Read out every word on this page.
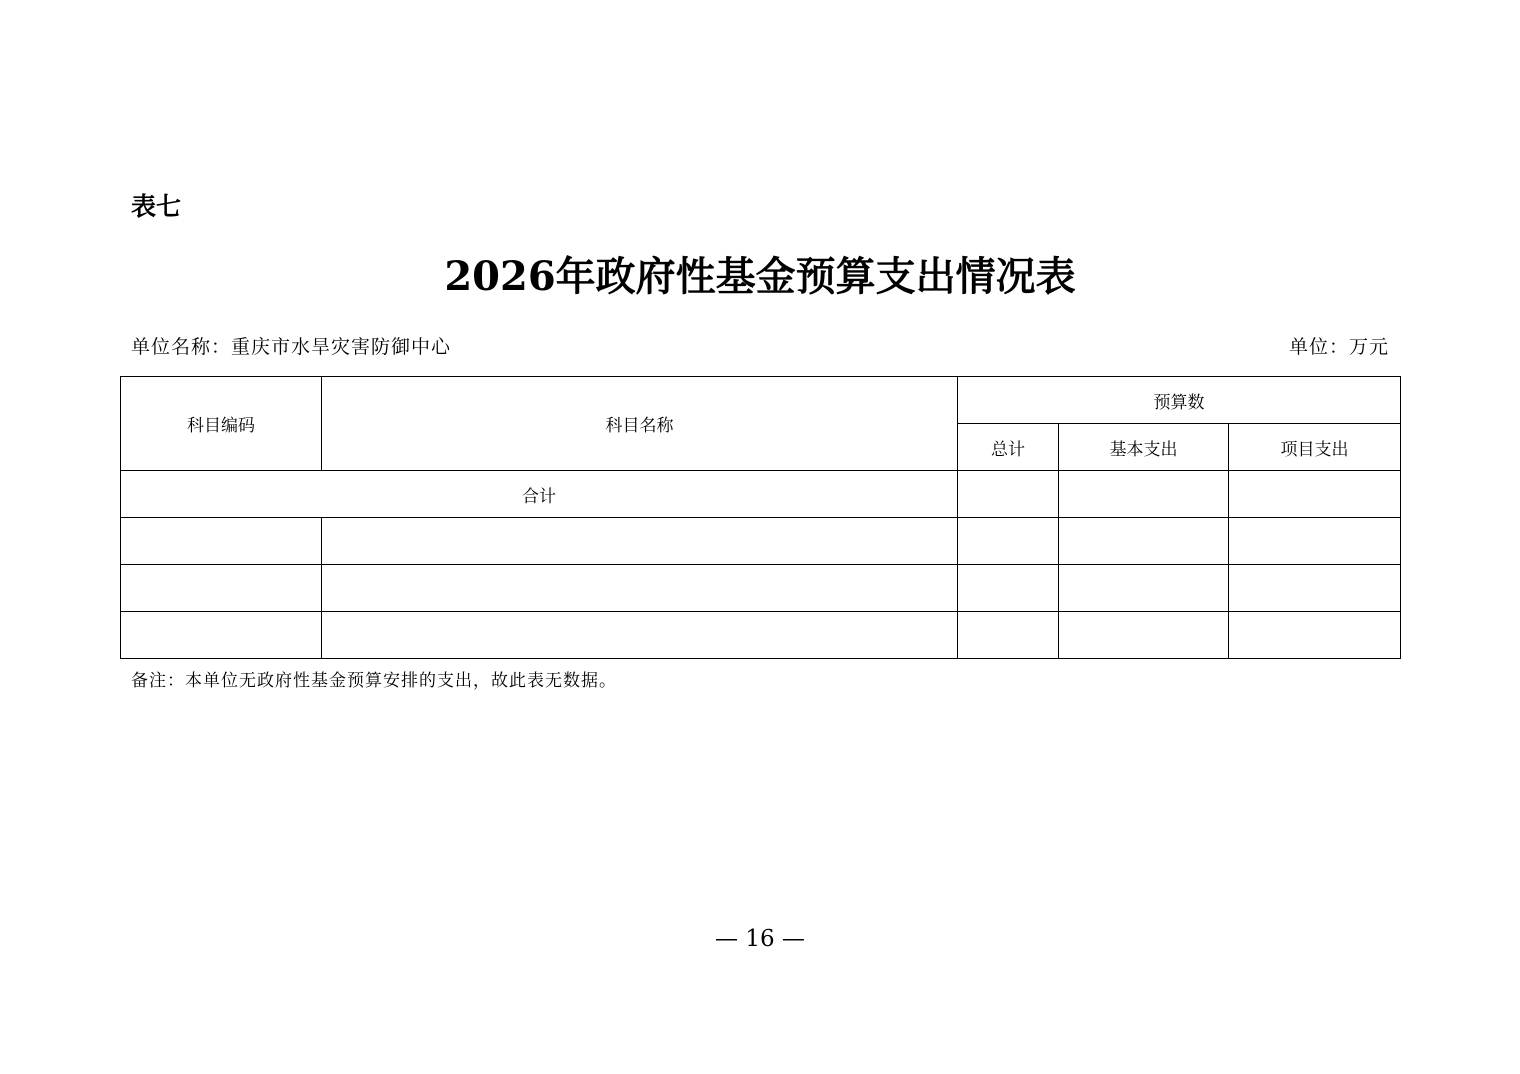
表七
2026年政府性基金预算支出情况表
单位名称：重庆市水旱灾害防御中心	单位：万元
科目编码	科目名称	预算数		
		总计	基本支出	项目支出
合计				

备注：本单位无政府性基金预算安排的支出，故此表无数据。
— 16 —
